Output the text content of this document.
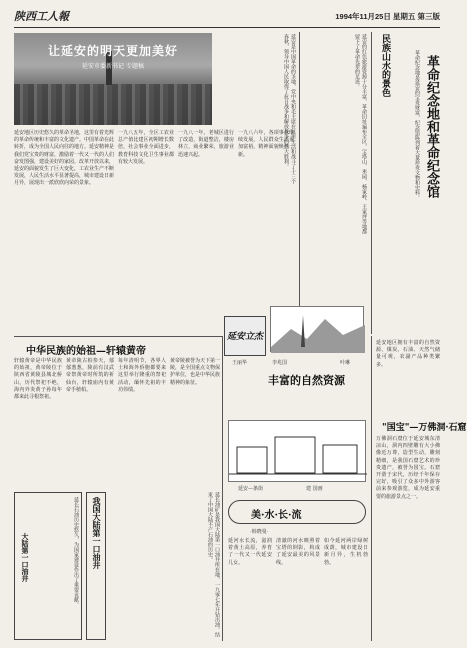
陕西工人報	1994年11月25日 星期五 第三版
让延安的明天更加美好
延安市委新书记 专题稿
延安地区历史悠久的革命圣地，这里有着光辉的革命传统和丰富的文化遗产。中国革命在此转折，成为全国人民向往的地方。延安精神是我们党宝贵的财富，激励着一代又一代的人们奋发图强，建设美好的家园。改革开放以来，延安的面貌发生了巨大变化，工农业生产不断发展，人民生活水平显著提高，城市建设日新月异，展现出一派欣欣向荣的景象。
一九八五年，全区工农业总产值比建区初期增长数倍，社会事业全面进步，教育科技文化卫生事业都有较大发展。
一九八一年，老城区进行了改造，街道整洁，楼房林立，商业繁荣，旅游业迅速兴起。
一九八六年，各项事业继续发展，人民群众生活更加富裕，精神面貌焕然一新。	延安是中国革命的圣地，党中央和毛主席在这里生活和战斗了十三个春秋，领导中国人民取得了抗日战争和解放战争的伟大胜利。	延安的红色旅游资源十分丰富，革命旧址遍布全区，宝塔山、枣园、杨家岭、王家坪等地都留下了革命先辈的足迹。	民族山水的景色	革命纪念地和革命纪念馆
革命纪念地是延安的宝贵财富，纪念馆陈列着大量珍贵文物和史料。
延安立杰
王丽华	李兆国	叶琳
丰富的自然资源
中华民族的始祖—轩辕黄帝
轩辕黄帝是中华民族的始祖，黄帝陵位于陕西省黄陵县城北桥山，历代祭祀不绝，海内外炎黄子孙每年都来此寻根祭祖。
黄帝陵古柏参天，郁郁葱葱，陵前有汉武帝祭黄帝时所筑的祈仙台，轩辕庙内有黄帝手植柏。
每年清明节，各界人士和海外侨胞都要来这里举行隆重的祭祀活动，缅怀先祖的丰功伟绩。
黄帝陵被誉为天下第一陵，是全国重点文物保护单位，也是中华民族精神的象征。
我国大陆第一口油井	延长油矿是我国大陆第一口油井所在地，一九零七年开钻出油，结束了中国大陆不产石油的历史。
大陆第一口油井	延长石油历史悠久，为国家建设作出了重要贡献。
延安—条街	建 国画
美·水·长·流
·韩晓曼·
延河水长流，滋润着黄土高原，养育了一代又一代延安儿女。
清澈的河水映照着宝塔的倒影，构成了延安最美的风景线。
如今延河两岸绿树成荫，城市建设日新月异，生机勃勃。
"国宝"—万佛洞·石窟
延安地区拥有丰富的自然资源，煤炭、石油、天然气储量可观，农副产品种类繁多。
万佛洞石窟位于延安城东清凉山，洞内四壁雕有大小佛像近万尊，造型生动，雕刻精细，是我国石窟艺术的珍贵遗产，被誉为国宝。石窟开凿于宋代，历经千年保存完好，吸引了众多中外游客前来参观游览，成为延安重要的旅游景点之一。
